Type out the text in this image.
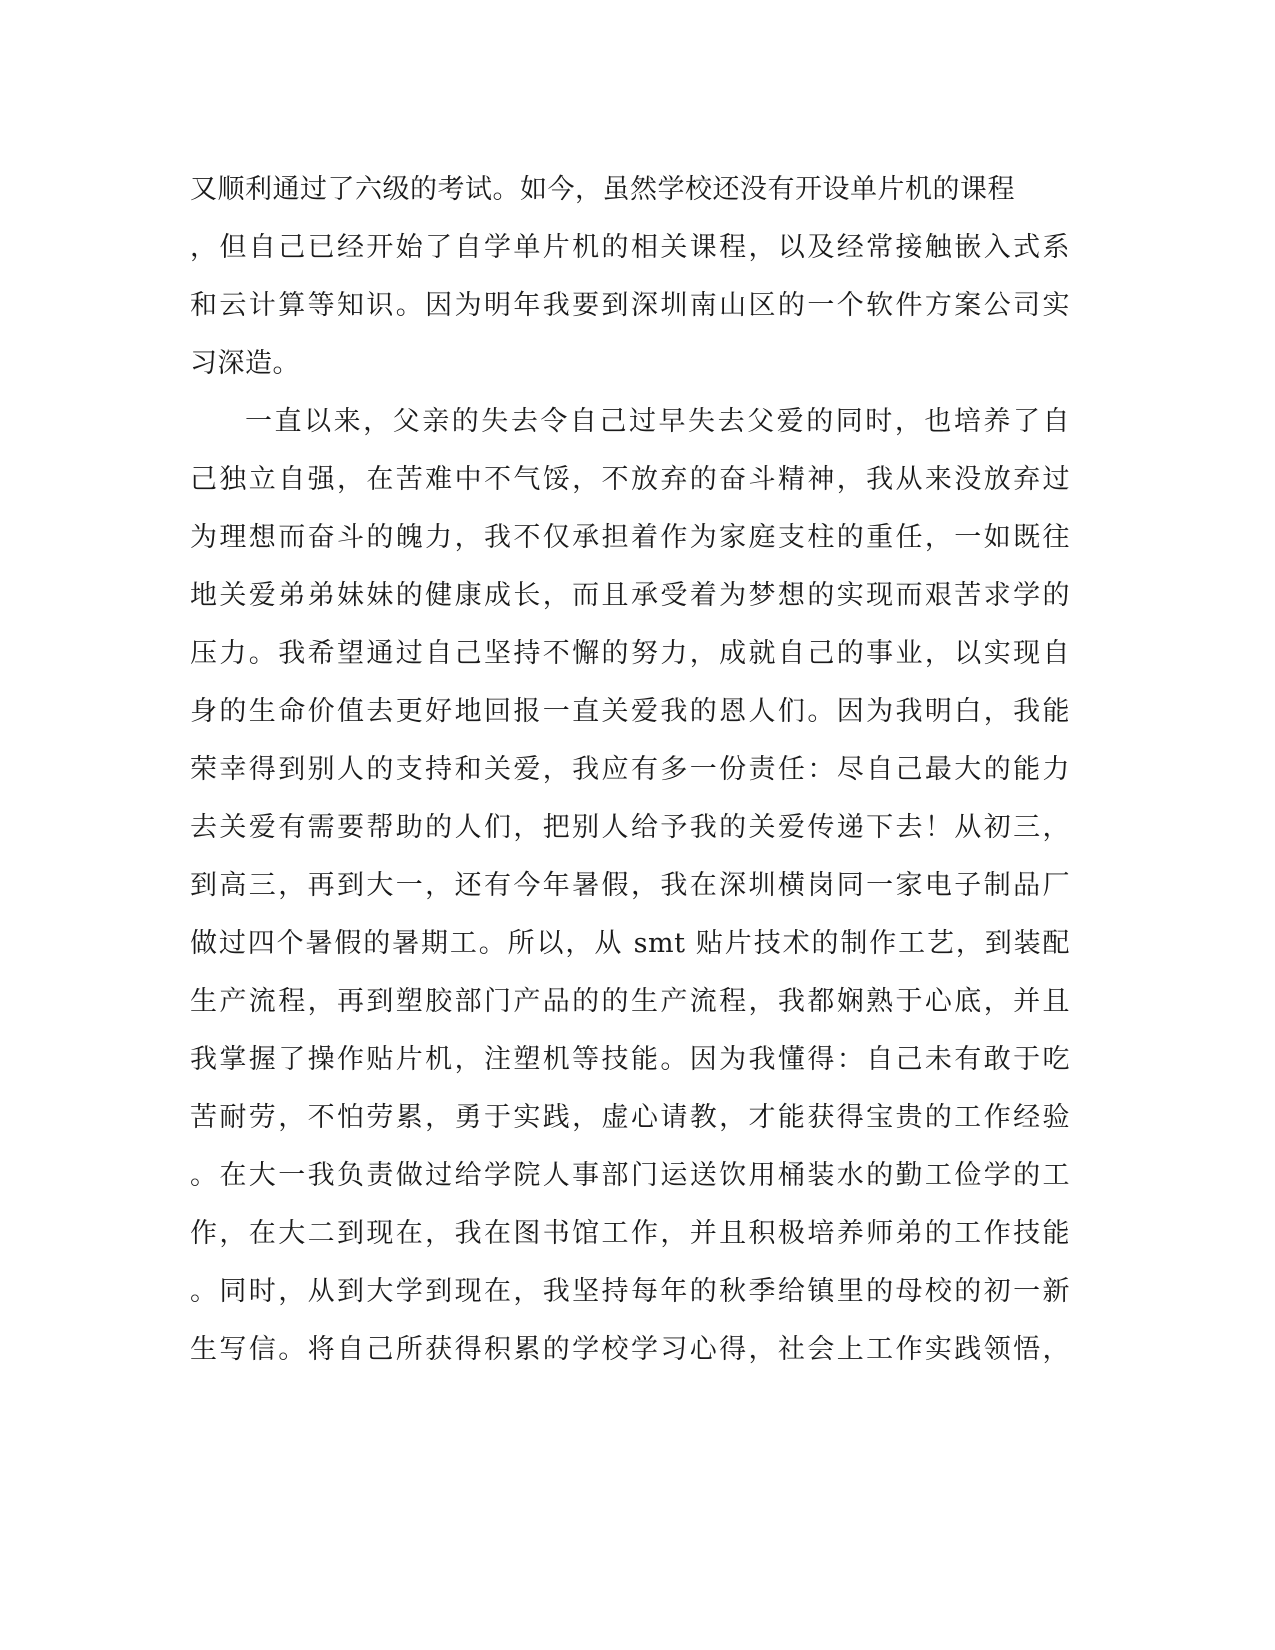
又顺利通过了六级的考试。如今，虽然学校还没有开设单片机的课程
，但自己已经开始了自学单片机的相关课程，以及经常接触嵌入式系
和云计算等知识。因为明年我要到深圳南山区的一个软件方案公司实
习深造。
一直以来，父亲的失去令自己过早失去父爱的同时，也培养了自
己独立自强，在苦难中不气馁，不放弃的奋斗精神，我从来没放弃过
为理想而奋斗的魄力，我不仅承担着作为家庭支柱的重任，一如既往
地关爱弟弟妹妹的健康成长，而且承受着为梦想的实现而艰苦求学的
压力。我希望通过自己坚持不懈的努力，成就自己的事业，以实现自
身的生命价值去更好地回报一直关爱我的恩人们。因为我明白，我能
荣幸得到别人的支持和关爱，我应有多一份责任：尽自己最大的能力
去关爱有需要帮助的人们，把别人给予我的关爱传递下去！从初三，
到高三，再到大一，还有今年暑假，我在深圳横岗同一家电子制品厂
做过四个暑假的暑期工。所以，从 smt 贴片技术的制作工艺，到装配
生产流程，再到塑胶部门产品的的生产流程，我都娴熟于心底，并且
我掌握了操作贴片机，注塑机等技能。因为我懂得：自己未有敢于吃
苦耐劳，不怕劳累，勇于实践，虚心请教，才能获得宝贵的工作经验
。在大一我负责做过给学院人事部门运送饮用桶装水的勤工俭学的工
作，在大二到现在，我在图书馆工作，并且积极培养师弟的工作技能
。同时，从到大学到现在，我坚持每年的秋季给镇里的母校的初一新
生写信。将自己所获得积累的学校学习心得，社会上工作实践领悟，
